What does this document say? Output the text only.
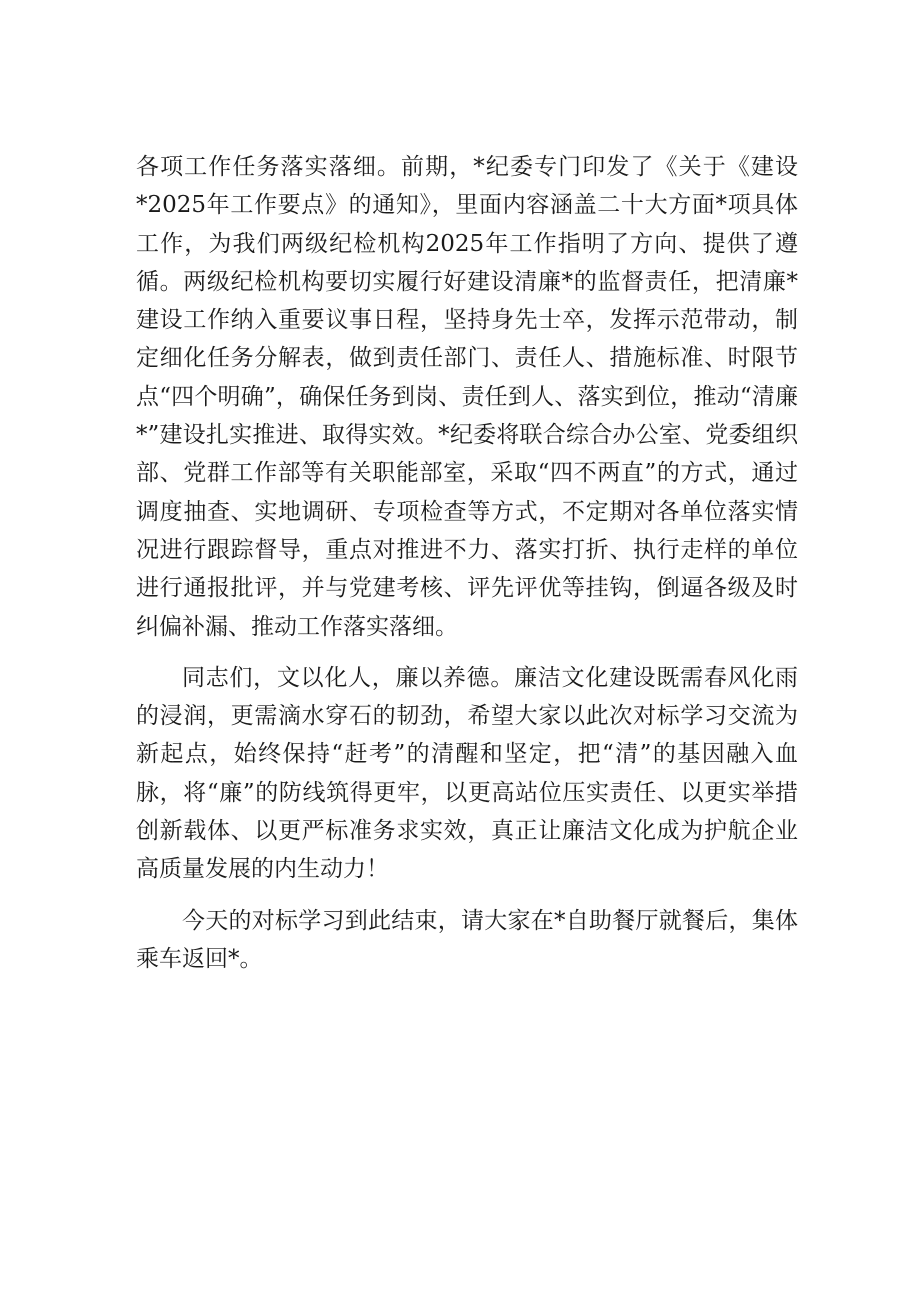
各项工作任务落实落细。前期，*纪委专门印发了《关于《建设*2025年工作要点》的通知》，里面内容涵盖二十大方面*项具体工作，为我们两级纪检机构2025年工作指明了方向、提供了遵循。两级纪检机构要切实履行好建设清廉*的监督责任，把清廉*建设工作纳入重要议事日程，坚持身先士卒，发挥示范带动，制定细化任务分解表，做到责任部门、责任人、措施标准、时限节点“四个明确”，确保任务到岗、责任到人、落实到位，推动“清廉*”建设扎实推进、取得实效。*纪委将联合综合办公室、党委组织部、党群工作部等有关职能部室，采取“四不两直”的方式，通过调度抽查、实地调研、专项检查等方式，不定期对各单位落实情况进行跟踪督导，重点对推进不力、落实打折、执行走样的单位进行通报批评，并与党建考核、评先评优等挂钩，倒逼各级及时纠偏补漏、推动工作落实落细。

同志们，文以化人，廉以养德。廉洁文化建设既需春风化雨的浸润，更需滴水穿石的韧劲，希望大家以此次对标学习交流为新起点，始终保持“赶考”的清醒和坚定，把“清”的基因融入血脉，将“廉”的防线筑得更牢，以更高站位压实责任、以更实举措创新载体、以更严标准务求实效，真正让廉洁文化成为护航企业高质量发展的内生动力！

今天的对标学习到此结束，请大家在*自助餐厅就餐后，集体乘车返回*。
